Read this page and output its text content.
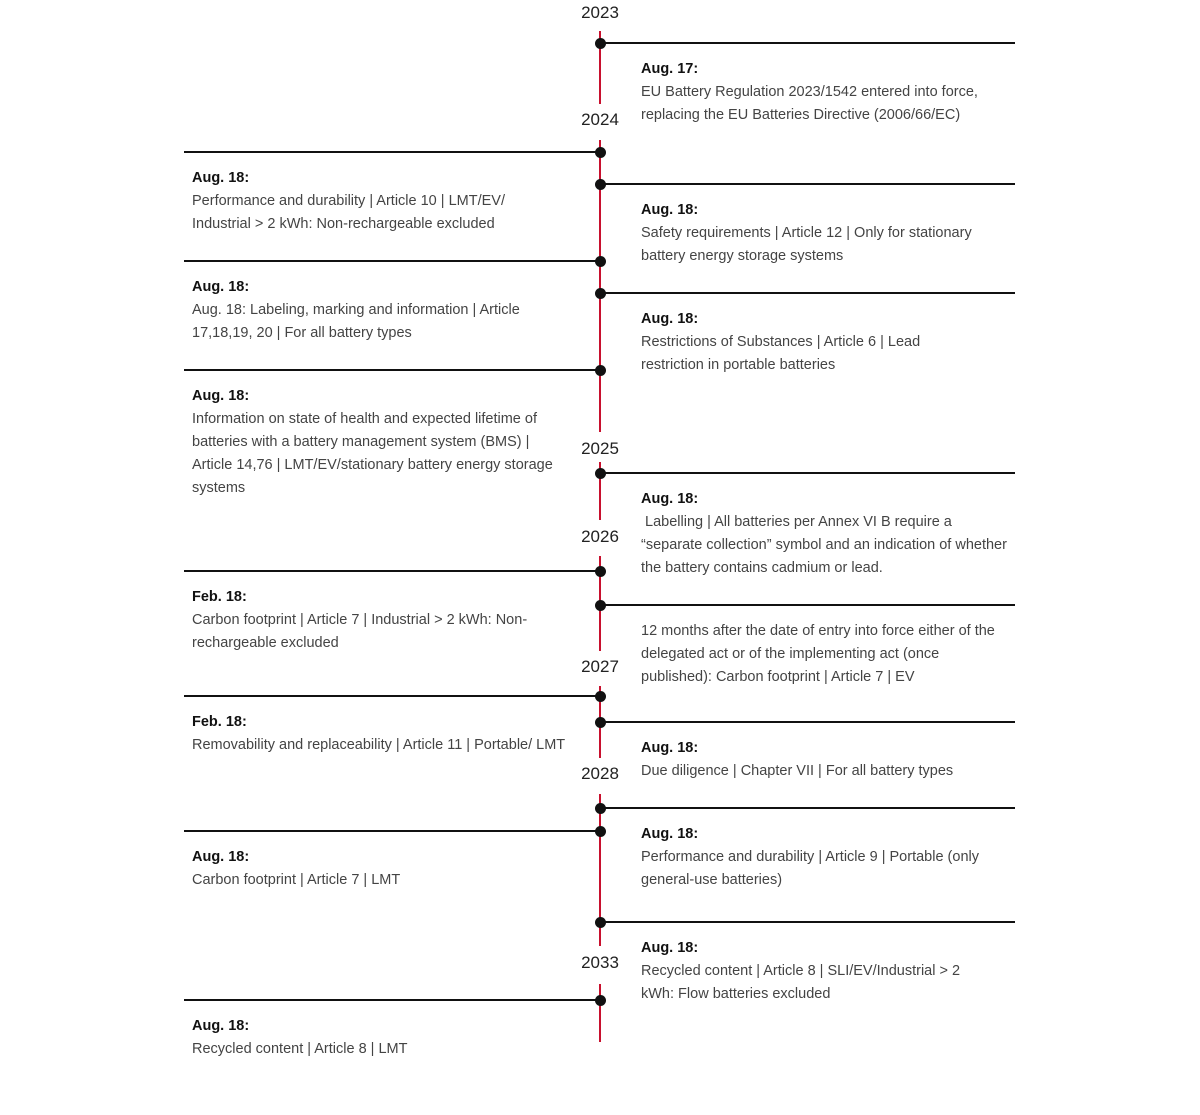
2023
2024
2025
2026
2027
2028
2033
Aug. 17:
EU Battery Regulation 2023/1542 entered into force, replacing the EU Batteries Directive (2006/66/EC)
Aug. 18:
Safety requirements | Article 12 | Only for stationary battery energy storage systems
Aug. 18:
Restrictions of Substances | Article 6 | Lead restriction in portable batteries
Aug. 18:
Labelling | All batteries per Annex VI B require a “separate collection” symbol and an indication of whether the battery contains cadmium or lead.
12 months after the date of entry into force either of the delegated act or of the implementing act (once published): Carbon footprint | Article 7 | EV
Aug. 18:
Due diligence | Chapter VII | For all battery types
Aug. 18:
Performance and durability | Article 9 | Portable (only general-use batteries)
Aug. 18:
Recycled content | Article 8 | SLI/EV/Industrial > 2 kWh: Flow batteries excluded
Aug. 18:
Performance and durability | Article 10 | LMT/EV/ Industrial > 2 kWh: Non-rechargeable excluded
Aug. 18:
Aug. 18: Labeling, marking and information | Article 17,18,19, 20 | For all battery types
Aug. 18:
Information on state of health and expected lifetime of batteries with a battery management system (BMS) | Article 14,76 | LMT/EV/stationary battery energy storage systems
Feb. 18:
Carbon footprint | Article 7 | Industrial > 2 kWh: Non-rechargeable excluded
Feb. 18:
Removability and replaceability | Article 11 | Portable/ LMT
Aug. 18:
Carbon footprint | Article 7 | LMT
Aug. 18:
Recycled content | Article 8 | LMT
